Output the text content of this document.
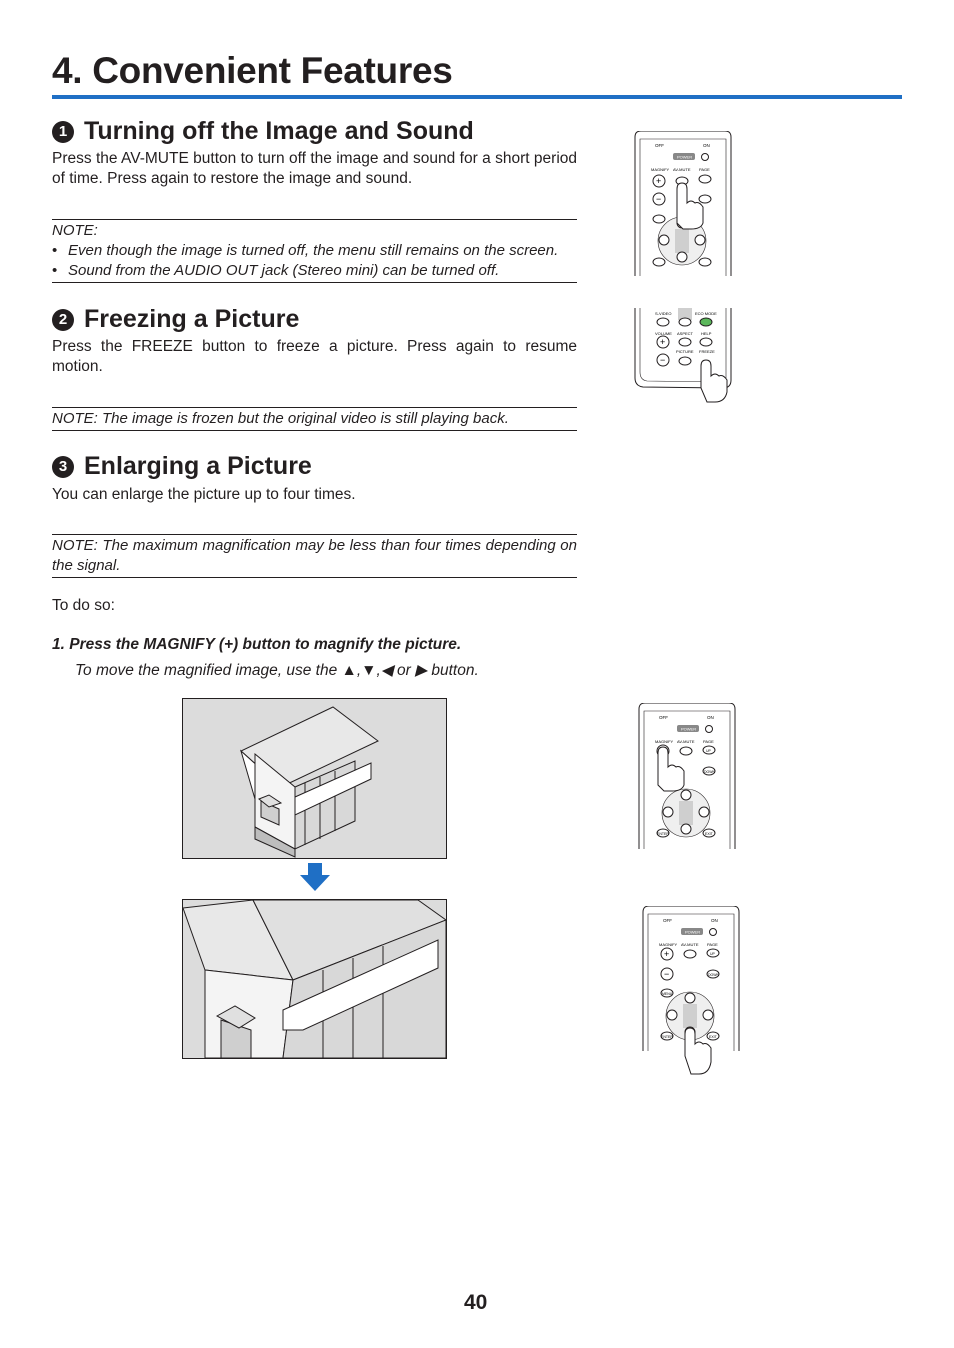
4. Convenient Features
1 Turning off the Image and Sound

Press the AV-MUTE button to turn off the image and sound for a short period of time. Press again to restore the image and sound.

NOTE:
• Even though the image is turned off, the menu still remains on the screen.
• Sound from the AUDIO OUT jack (Stereo mini) can be turned off.
2 Freezing a Picture

Press the FREEZE button to freeze a picture. Press again to resume motion.

NOTE: The image is frozen but the original video is still playing back.
3 Enlarging a Picture

You can enlarge the picture up to four times.

NOTE: The maximum magnification may be less than four times depending on the signal.

To do so:

1. Press the MAGNIFY (+) button to magnify the picture.
To move the magnified image, use the ▲,▼,◀ or ▶ button.
OFF	ON
POWER
MAGNIFY AV-MUTE PAGE
+
−
S-VIDEO	ECO MODE
VOLUME ASPECT HELP
+
−
PICTURE FREEZE
OFF	ON
POWER
MAGNIFY AV-MUTE PAGE
UP
DOWN
ENTER	EXIT
OFF	ON
POWER
MAGNIFY AV-MUTE PAGE
+
−
UP
DOWN
MENU
ENTER	EXIT
40
